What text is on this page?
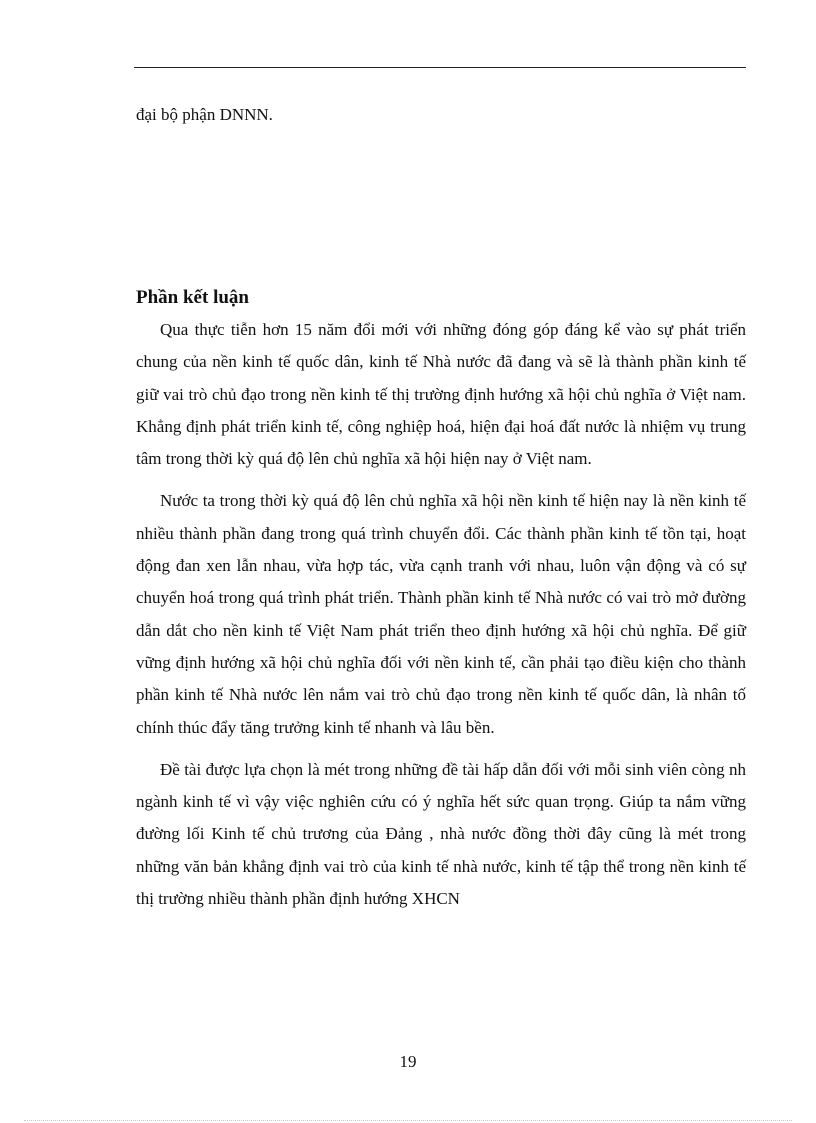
đại bộ phận DNNN.
Phần kết luận

Qua thực tiễn hơn 15 năm đổi mới với những đóng góp đáng kể vào sự phát triển chung của nền kinh tế quốc dân, kinh tế Nhà nước đã đang và sẽ là thành phần kinh tế giữ vai trò chủ đạo trong nền kinh tế thị trường định hướng xã hội chủ nghĩa ở Việt nam. Khẳng định phát triển kinh tế, công nghiệp hoá, hiện đại hoá đất nước là nhiệm vụ trung tâm trong thời kỳ quá độ lên chủ nghĩa xã hội hiện nay ở Việt nam.

Nước ta trong thời kỳ quá độ lên chủ nghĩa xã hội nền kinh tế hiện nay là nền kinh tế nhiều thành phần đang trong quá trình chuyển đổi. Các thành phần kinh tế tồn tại, hoạt động đan xen lẫn nhau, vừa hợp tác, vừa cạnh tranh với nhau, luôn vận động và có sự chuyển hoá trong quá trình phát triển. Thành phần kinh tế Nhà nước có vai trò mở đường dẫn dắt cho nền kinh tế Việt Nam phát triển theo định hướng xã hội chủ nghĩa. Để giữ vững định hướng xã hội chủ nghĩa đối với nền kinh tế, cần phải tạo điều kiện cho thành phần kinh tế Nhà nước lên nắm vai trò chủ đạo trong nền kinh tế quốc dân, là nhân tố chính thúc đẩy tăng trưởng kinh tế nhanh và lâu bền.

Đề tài được lựa chọn là mét trong những đề tài hấp dẫn đối với mỗi sinh viên còng nh ngành kinh tế vì vậy việc nghiên cứu có ý nghĩa hết sức quan trọng. Giúp ta nắm vững đường lối Kinh tế chủ trương của Đảng , nhà nước đồng thời đây cũng là mét trong những văn bản khẳng định vai trò của kinh tế nhà nước, kinh tế tập thể trong nền kinh tế thị trường nhiều thành phần định hướng XHCN

19
